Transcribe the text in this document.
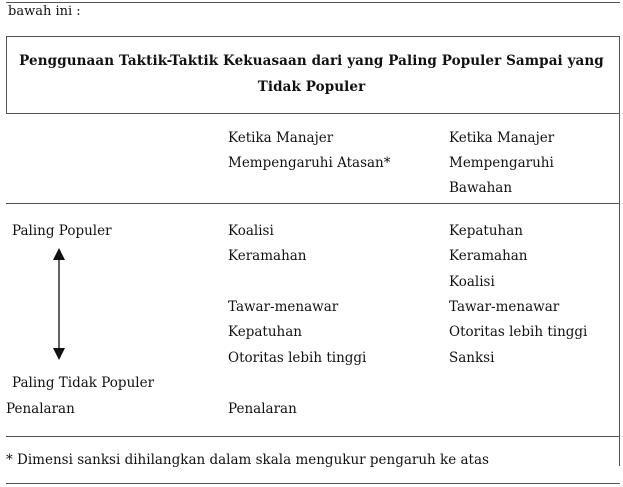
bawah ini :
Penggunaan Taktik-Taktik Kekuasaan dari yang Paling Populer Sampai yang
Tidak Populer
Ketika Manajer
Mempengaruhi Atasan*
Ketika Manajer
Mempengaruhi
Bawahan
Paling Populer
Paling Tidak Populer
Penalaran
Koalisi
Keramahan
Tawar-menawar
Kepatuhan
Otoritas lebih tinggi
Penalaran
Kepatuhan
Keramahan
Koalisi
Tawar-menawar
Otoritas lebih tinggi
Sanksi
* Dimensi sanksi dihilangkan dalam skala mengukur pengaruh ke atas
